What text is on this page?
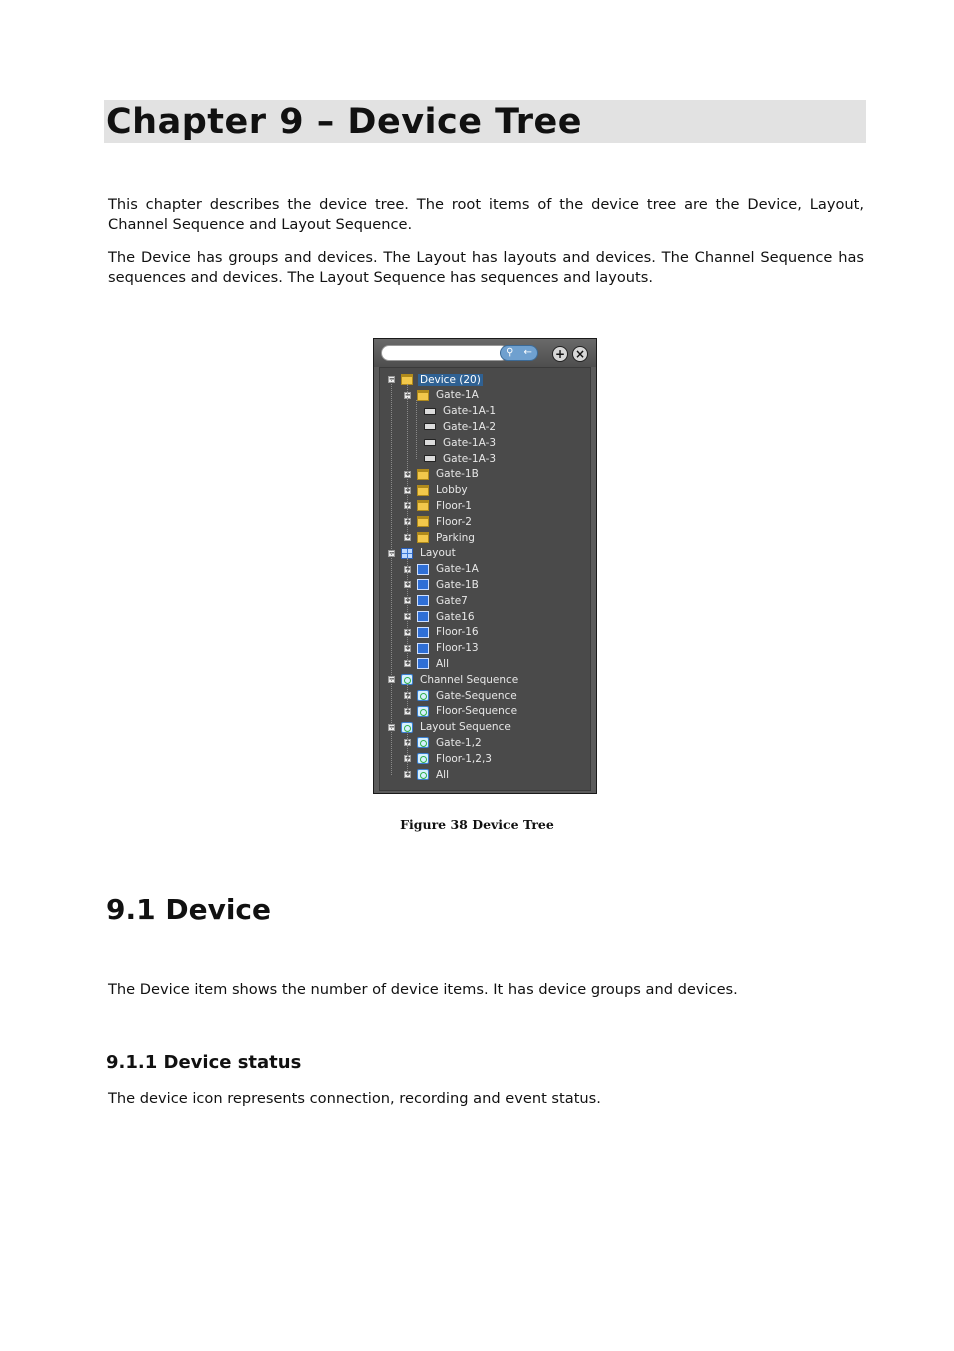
Chapter 9 – Device Tree

This chapter describes the device tree. The root items of the device tree are the Device, Layout, Channel Sequence and Layout Sequence.

The Device has groups and devices. The Layout has layouts and devices. The Channel Sequence has sequences and devices. The Layout Sequence has sequences and layouts.

⚲ ← + ×
− Device (20)
− Gate-1A
Gate-1A-1
Gate-1A-2
Gate-1A-3
Gate-1A-3
+ Gate-1B
+ Lobby
+ Floor-1
+ Floor-2
+ Parking
− Layout
+ Gate-1A
+ Gate-1B
+ Gate7
+ Gate16
+ Floor-16
+ Floor-13
+ All
− Channel Sequence
+ Gate-Sequence
+ Floor-Sequence
− Layout Sequence
+ Gate-1,2
+ Floor-1,2,3
+ All

Figure 38 Device Tree

9.1 Device

The Device item shows the number of device items. It has device groups and devices.

9.1.1 Device status

The device icon represents connection, recording and event status.
